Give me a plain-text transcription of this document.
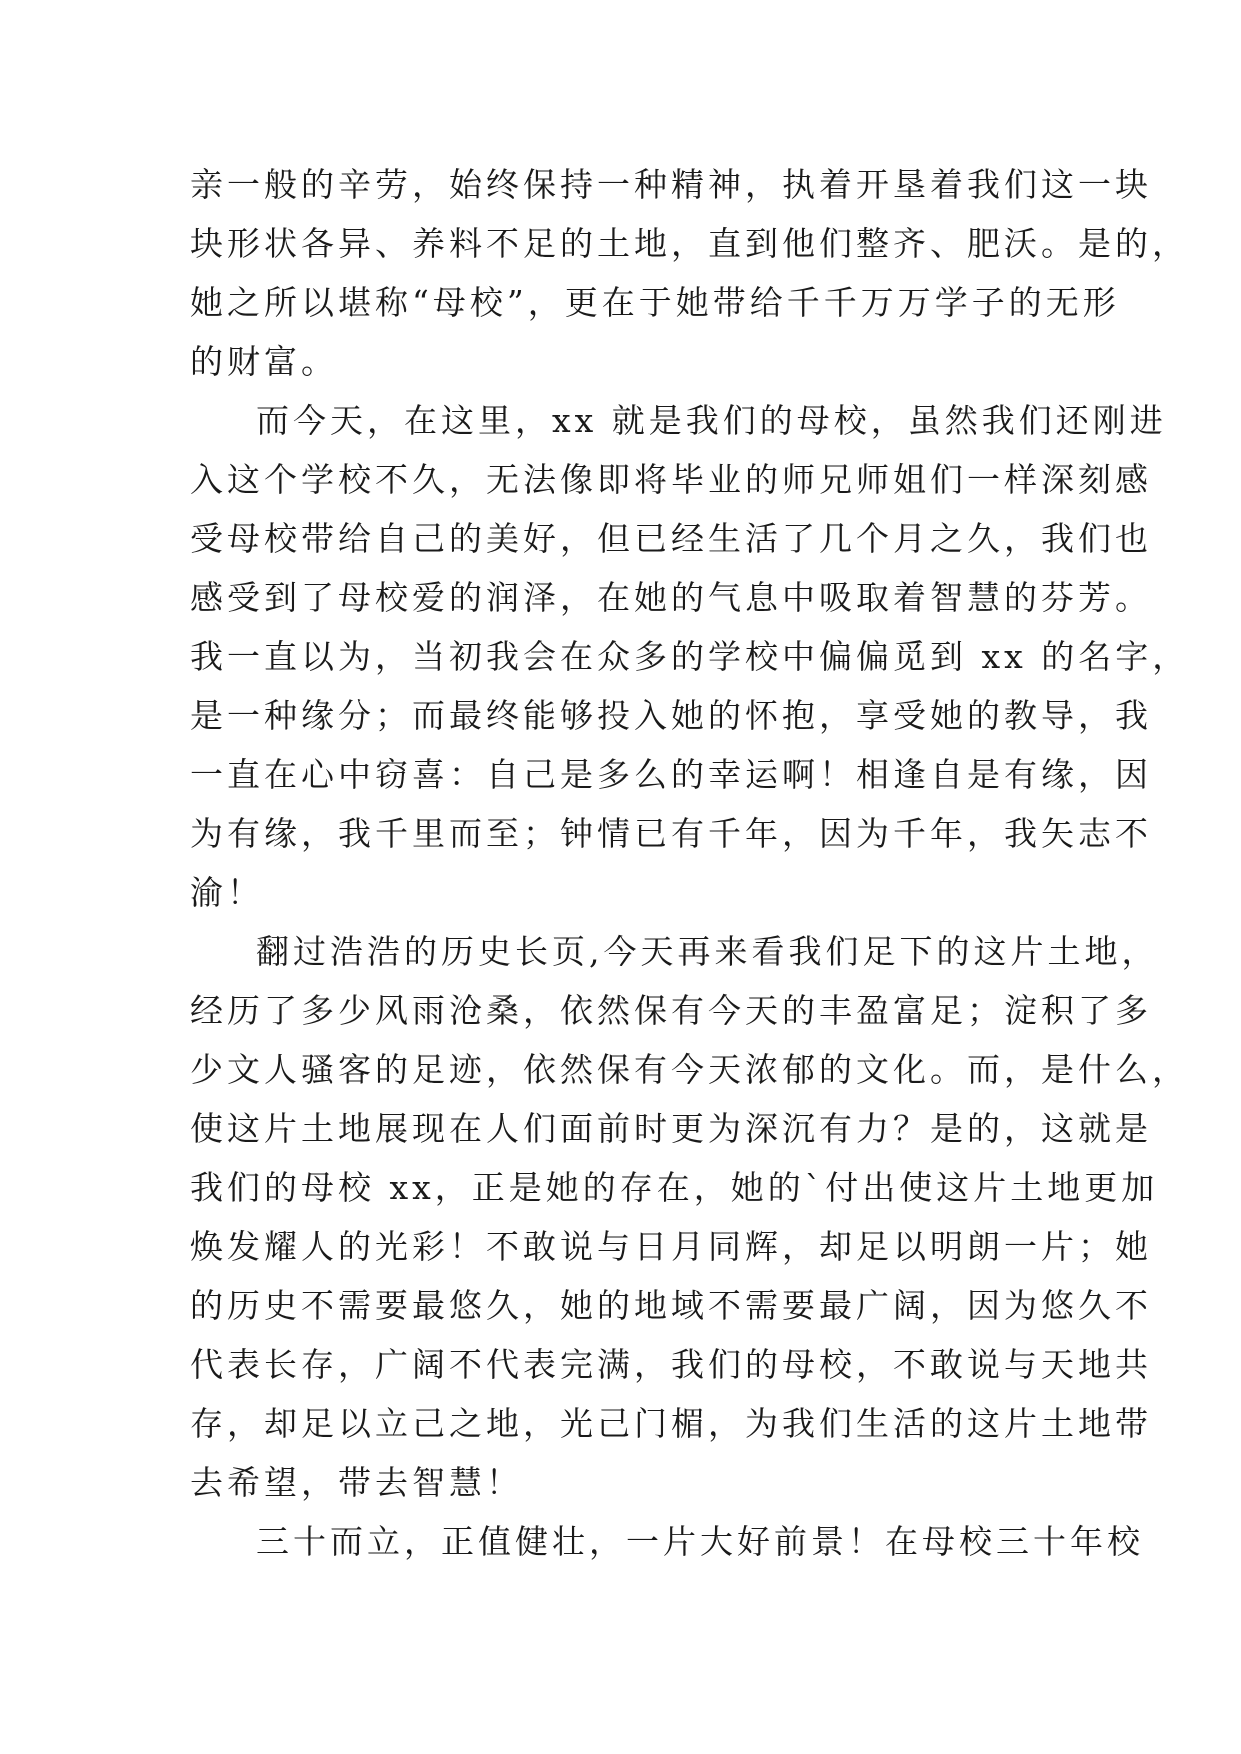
亲一般的辛劳，始终保持一种精神，执着开垦着我们这一块
块形状各异、养料不足的土地，直到他们整齐、肥沃。是的，
她之所以堪称“母校”，更在于她带给千千万万学子的无形
的财富。
而今天，在这里，xx 就是我们的母校，虽然我们还刚进
入这个学校不久，无法像即将毕业的师兄师姐们一样深刻感
受母校带给自己的美好，但已经生活了几个月之久，我们也
感受到了母校爱的润泽，在她的气息中吸取着智慧的芬芳。
我一直以为，当初我会在众多的学校中偏偏觅到 xx 的名字，
是一种缘分；而最终能够投入她的怀抱，享受她的教导，我
一直在心中窃喜：自己是多么的幸运啊！相逢自是有缘，因
为有缘，我千里而至；钟情已有千年，因为千年，我矢志不
渝！
翻过浩浩的历史长页,今天再来看我们足下的这片土地，
经历了多少风雨沧桑，依然保有今天的丰盈富足；淀积了多
少文人骚客的足迹，依然保有今天浓郁的文化。而，是什么，
使这片土地展现在人们面前时更为深沉有力？是的，这就是
我们的母校 xx，正是她的存在，她的`付出使这片土地更加
焕发耀人的光彩！不敢说与日月同辉，却足以明朗一片；她
的历史不需要最悠久，她的地域不需要最广阔，因为悠久不
代表长存，广阔不代表完满，我们的母校，不敢说与天地共
存，却足以立己之地，光己门楣，为我们生活的这片土地带
去希望，带去智慧！
三十而立，正值健壮，一片大好前景！在母校三十年校
